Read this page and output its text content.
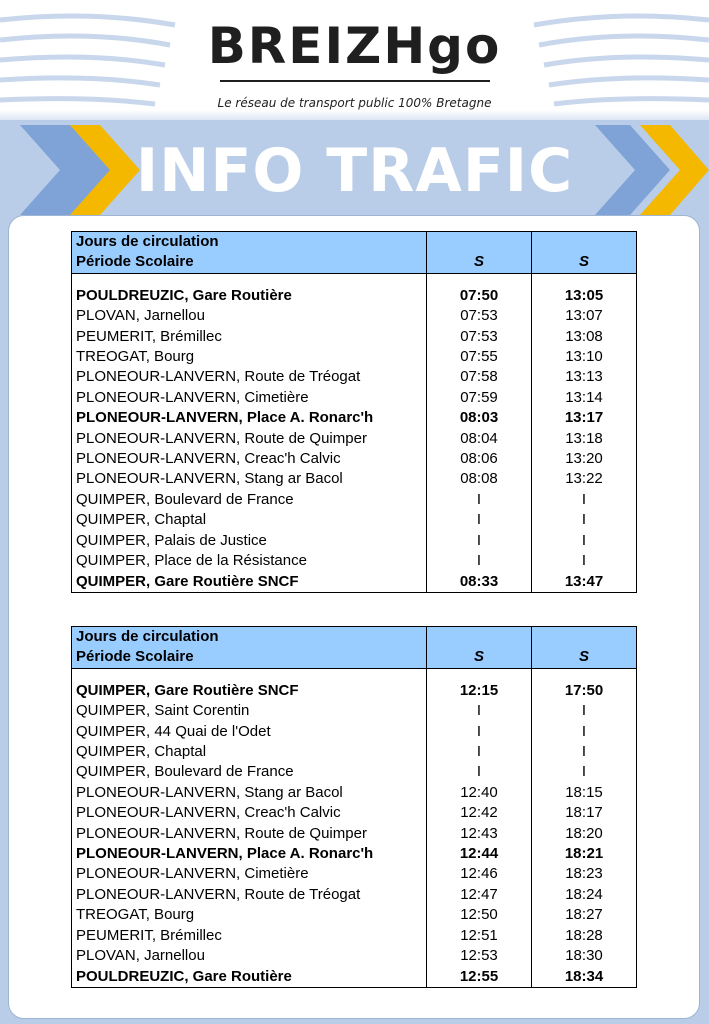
BREIZHgo
Le réseau de transport public 100% Bretagne
INFO TRAFIC
Jours de circulation		
Période Scolaire	S	S

POULDREUZIC, Gare Routière	07:50	13:05
PLOVAN, Jarnellou	07:53	13:07
PEUMERIT, Brémillec	07:53	13:08
TREOGAT, Bourg	07:55	13:10
PLONEOUR-LANVERN, Route de Tréogat	07:58	13:13
PLONEOUR-LANVERN, Cimetière	07:59	13:14
PLONEOUR-LANVERN, Place A. Ronarc'h	08:03	13:17
PLONEOUR-LANVERN, Route de Quimper	08:04	13:18
PLONEOUR-LANVERN, Creac'h Calvic	08:06	13:20
PLONEOUR-LANVERN, Stang ar Bacol	08:08	13:22
QUIMPER, Boulevard de France	I	I
QUIMPER, Chaptal	I	I
QUIMPER, Palais de Justice	I	I
QUIMPER, Place de la Résistance	I	I
QUIMPER, Gare Routière SNCF	08:33	13:47
Jours de circulation		
Période Scolaire	S	S

QUIMPER, Gare Routière SNCF	12:15	17:50
QUIMPER, Saint Corentin	I	I
QUIMPER, 44 Quai de l'Odet	I	I
QUIMPER, Chaptal	I	I
QUIMPER, Boulevard de France	I	I
PLONEOUR-LANVERN, Stang ar Bacol	12:40	18:15
PLONEOUR-LANVERN, Creac'h Calvic	12:42	18:17
PLONEOUR-LANVERN, Route de Quimper	12:43	18:20
PLONEOUR-LANVERN, Place A. Ronarc'h	12:44	18:21
PLONEOUR-LANVERN, Cimetière	12:46	18:23
PLONEOUR-LANVERN, Route de Tréogat	12:47	18:24
TREOGAT, Bourg	12:50	18:27
PEUMERIT, Brémillec	12:51	18:28
PLOVAN, Jarnellou	12:53	18:30
POULDREUZIC, Gare Routière	12:55	18:34
